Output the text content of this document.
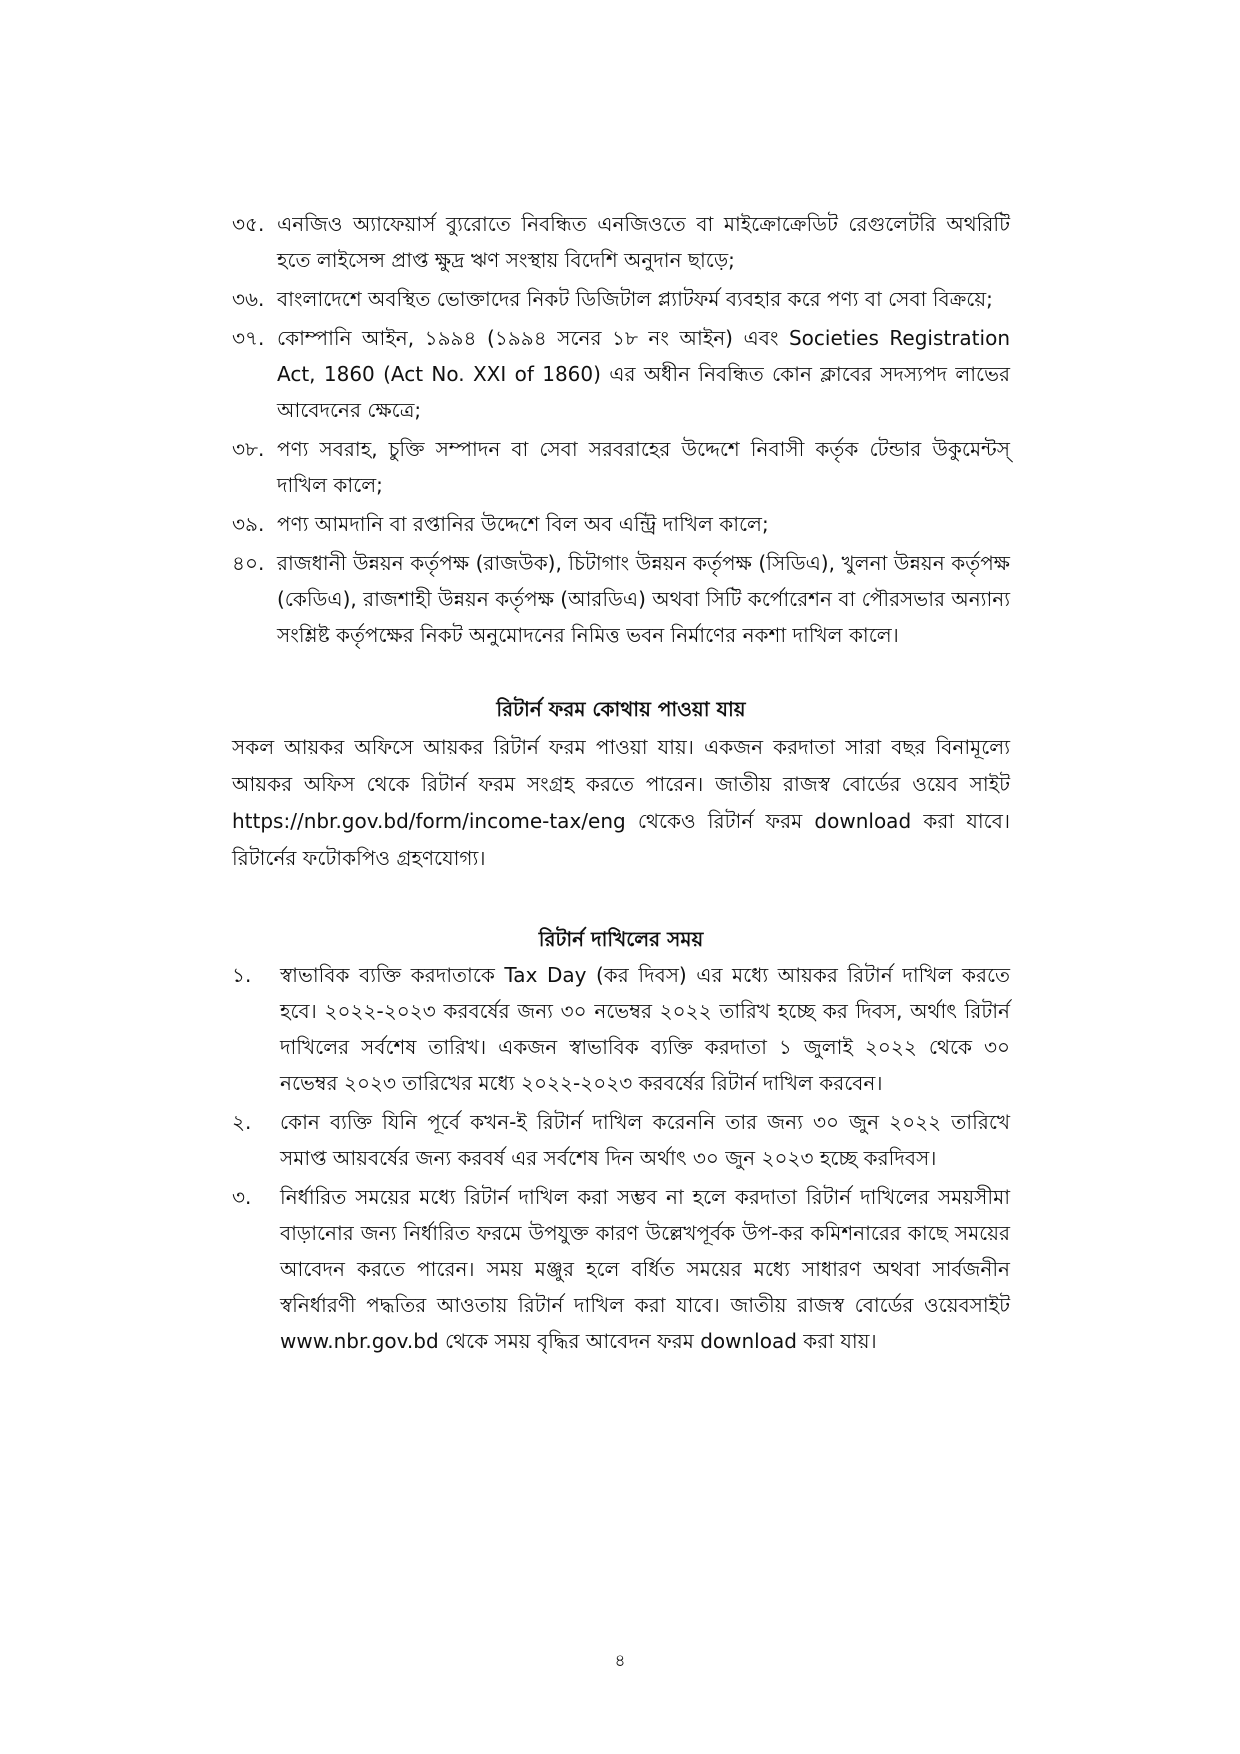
৩৫. এনজিও অ্যাফেয়ার্স ব্যুরোতে নিবন্ধিত এনজিওতে বা মাইক্রোক্রেডিট রেগুলেটরি অথরিটি হতে লাইসেন্স প্রাপ্ত ক্ষুদ্র ঋণ সংস্থায় বিদেশি অনুদান ছাড়ে;
৩৬. বাংলাদেশে অবস্থিত ভোক্তাদের নিকট ডিজিটাল প্ল্যাটফর্ম ব্যবহার করে পণ্য বা সেবা বিক্রয়ে;
৩৭. কোম্পানি আইন, ১৯৯৪ (১৯৯৪ সনের ১৮ নং আইন) এবং Societies Registration Act, 1860 (Act No. XXI of 1860) এর অধীন নিবন্ধিত কোন ক্লাবের সদস্যপদ লাভের আবেদনের ক্ষেত্রে;
৩৮. পণ্য সবরাহ, চুক্তি সম্পাদন বা সেবা সরবরাহের উদ্দেশে নিবাসী কর্তৃক টেন্ডার উকুমেন্টস্ দাখিল কালে;
৩৯. পণ্য আমদানি বা রপ্তানির উদ্দেশে বিল অব এন্ট্রি দাখিল কালে;
৪০. রাজধানী উন্নয়ন কর্তৃপক্ষ (রাজউক), চিটাগাং উন্নয়ন কর্তৃপক্ষ (সিডিএ), খুলনা উন্নয়ন কর্তৃপক্ষ (কেডিএ), রাজশাহী উন্নয়ন কর্তৃপক্ষ (আরডিএ) অথবা সিটি কর্পোরেশন বা পৌরসভার অন্যান্য সংশ্লিষ্ট কর্তৃপক্ষের নিকট অনুমোদনের নিমিত্ত ভবন নির্মাণের নকশা দাখিল কালে।
রিটার্ন ফরম কোথায় পাওয়া যায়
সকল আয়কর অফিসে আয়কর রিটার্ন ফরম পাওয়া যায়। একজন করদাতা সারা বছর বিনামূল্যে আয়কর অফিস থেকে রিটার্ন ফরম সংগ্রহ করতে পারেন। জাতীয় রাজস্ব বোর্ডের ওয়েব সাইট https://nbr.gov.bd/form/income-tax/eng থেকেও রিটার্ন ফরম download করা যাবে। রিটার্নের ফটোকপিও গ্রহণযোগ্য।
রিটার্ন দাখিলের সময়
১.	স্বাভাবিক ব্যক্তি করদাতাকে Tax Day (কর দিবস) এর মধ্যে আয়কর রিটার্ন দাখিল করতে হবে। ২০২২-২০২৩ করবর্ষের জন্য ৩০ নভেম্বর ২০২২ তারিখ হচ্ছে কর দিবস, অর্থাৎ রিটার্ন দাখিলের সর্বশেষ তারিখ। একজন স্বাভাবিক ব্যক্তি করদাতা ১ জুলাই ২০২২ থেকে ৩০ নভেম্বর ২০২৩ তারিখের মধ্যে ২০২২-২০২৩ করবর্ষের রিটার্ন দাখিল করবেন।
২.	কোন ব্যক্তি যিনি পূর্বে কখন-ই রিটার্ন দাখিল করেননি তার জন্য ৩০ জুন ২০২২ তারিখে সমাপ্ত আয়বর্ষের জন্য করবর্ষ এর সর্বশেষ দিন অর্থাৎ ৩০ জুন ২০২৩ হচ্ছে করদিবস।
৩.	নির্ধারিত সময়ের মধ্যে রিটার্ন দাখিল করা সম্ভব না হলে করদাতা রিটার্ন দাখিলের সময়সীমা বাড়ানোর জন্য নির্ধারিত ফরমে উপযুক্ত কারণ উল্লেখপূর্বক উপ-কর কমিশনারের কাছে সময়ের আবেদন করতে পারেন। সময় মঞ্জুর হলে বর্ধিত সময়ের মধ্যে সাধারণ অথবা সার্বজনীন স্বনির্ধারণী পদ্ধতির আওতায় রিটার্ন দাখিল করা যাবে। জাতীয় রাজস্ব বোর্ডের ওয়েবসাইট www.nbr.gov.bd থেকে সময় বৃদ্ধির আবেদন ফরম download করা যায়।
৪
